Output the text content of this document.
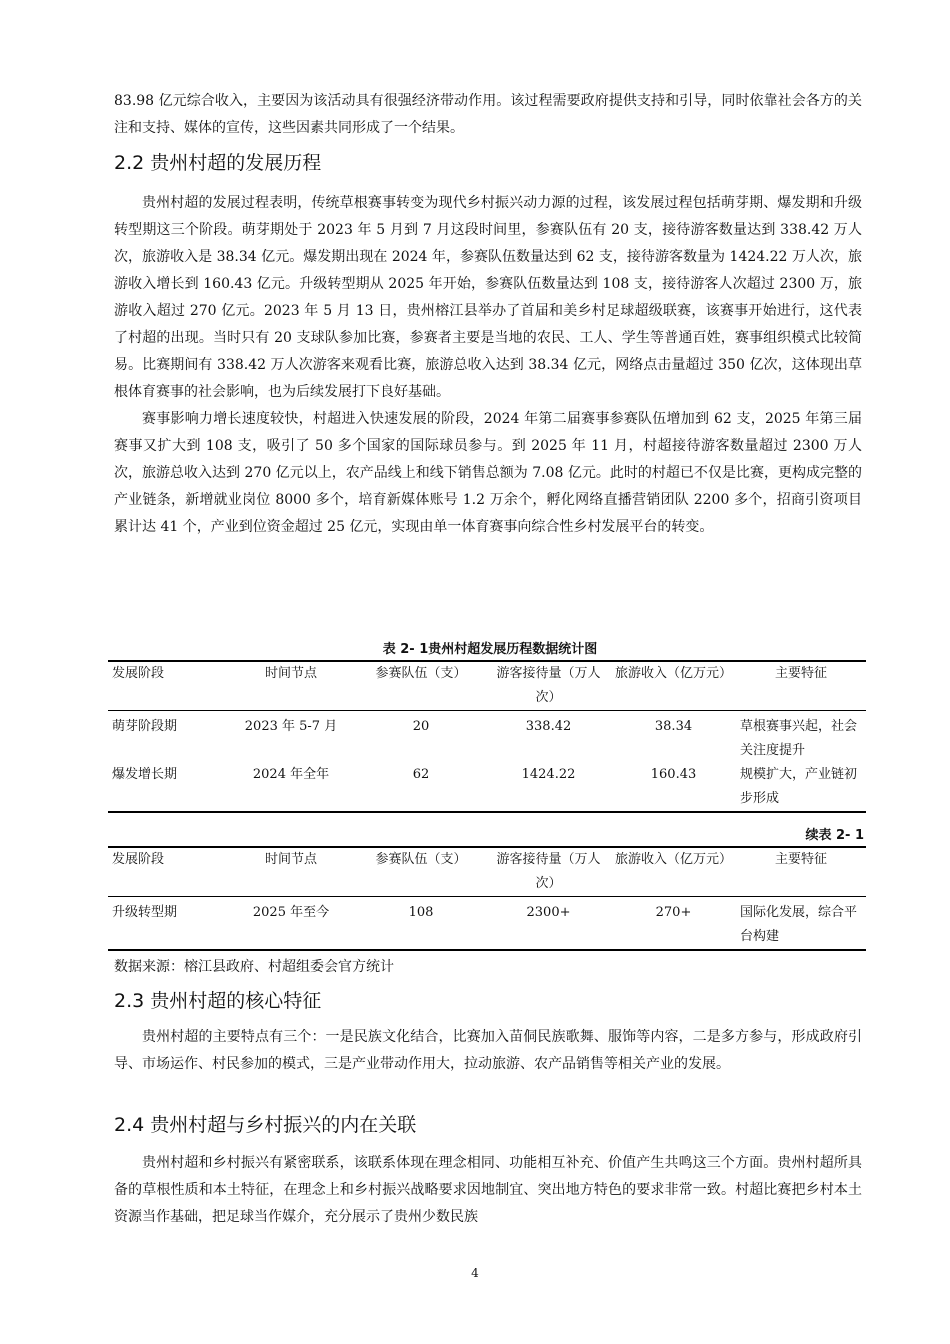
83.98 亿元综合收入，主要因为该活动具有很强经济带动作用。该过程需要政府提供支持和引导，同时依靠社会各方的关注和支持、媒体的宣传，这些因素共同形成了一个结果。

2.2 贵州村超的发展历程

贵州村超的发展过程表明，传统草根赛事转变为现代乡村振兴动力源的过程，该发展过程包括萌芽期、爆发期和升级转型期这三个阶段。萌芽期处于 2023 年 5 月到 7 月这段时间里，参赛队伍有 20 支，接待游客数量达到 338.42 万人次，旅游收入是 38.34 亿元。爆发期出现在 2024 年，参赛队伍数量达到 62 支，接待游客数量为 1424.22 万人次，旅游收入增长到 160.43 亿元。升级转型期从 2025 年开始，参赛队伍数量达到 108 支，接待游客人次超过 2300 万，旅游收入超过 270 亿元。2023 年 5 月 13 日，贵州榕江县举办了首届和美乡村足球超级联赛，该赛事开始进行，这代表了村超的出现。当时只有 20 支球队参加比赛，参赛者主要是当地的农民、工人、学生等普通百姓，赛事组织模式比较简易。比赛期间有 338.42 万人次游客来观看比赛，旅游总收入达到 38.34 亿元，网络点击量超过 350 亿次，这体现出草根体育赛事的社会影响，也为后续发展打下良好基础。

赛事影响力增长速度较快，村超进入快速发展的阶段，2024 年第二届赛事参赛队伍增加到 62 支，2025 年第三届赛事又扩大到 108 支，吸引了 50 多个国家的国际球员参与。到 2025 年 11 月，村超接待游客数量超过 2300 万人次，旅游总收入达到 270 亿元以上，农产品线上和线下销售总额为 7.08 亿元。此时的村超已不仅是比赛，更构成完整的产业链条，新增就业岗位 8000 多个，培育新媒体账号 1.2 万余个，孵化网络直播营销团队 2200 多个，招商引资项目累计达 41 个，产业到位资金超过 25 亿元，实现由单一体育赛事向综合性乡村发展平台的转变。

表 2- 1贵州村超发展历程数据统计图
发展阶段	时间节点	参赛队伍（支）	游客接待量（万人次）	旅游收入（亿万元）	主要特征

萌芽阶段期	2023 年 5-7 月	20	338.42	38.34	草根赛事兴起，社会关注度提升
爆发增长期	2024 年全年	62	1424.22	160.43	规模扩大，产业链初步形成
续表 2- 1
发展阶段	时间节点	参赛队伍（支）	游客接待量（万人次）	旅游收入（亿万元）	主要特征

升级转型期	2025 年至今	108	2300+	270+	国际化发展，综合平台构建
数据来源：榕江县政府、村超组委会官方统计
2.3 贵州村超的核心特征

贵州村超的主要特点有三个：一是民族文化结合，比赛加入苗侗民族歌舞、服饰等内容，二是多方参与，形成政府引导、市场运作、村民参加的模式，三是产业带动作用大，拉动旅游、农产品销售等相关产业的发展。

2.4 贵州村超与乡村振兴的内在关联

贵州村超和乡村振兴有紧密联系，该联系体现在理念相同、功能相互补充、价值产生共鸣这三个方面。贵州村超所具备的草根性质和本土特征，在理念上和乡村振兴战略要求因地制宜、突出地方特色的要求非常一致。村超比赛把乡村本土资源当作基础，把足球当作媒介，充分展示了贵州少数民族

4
